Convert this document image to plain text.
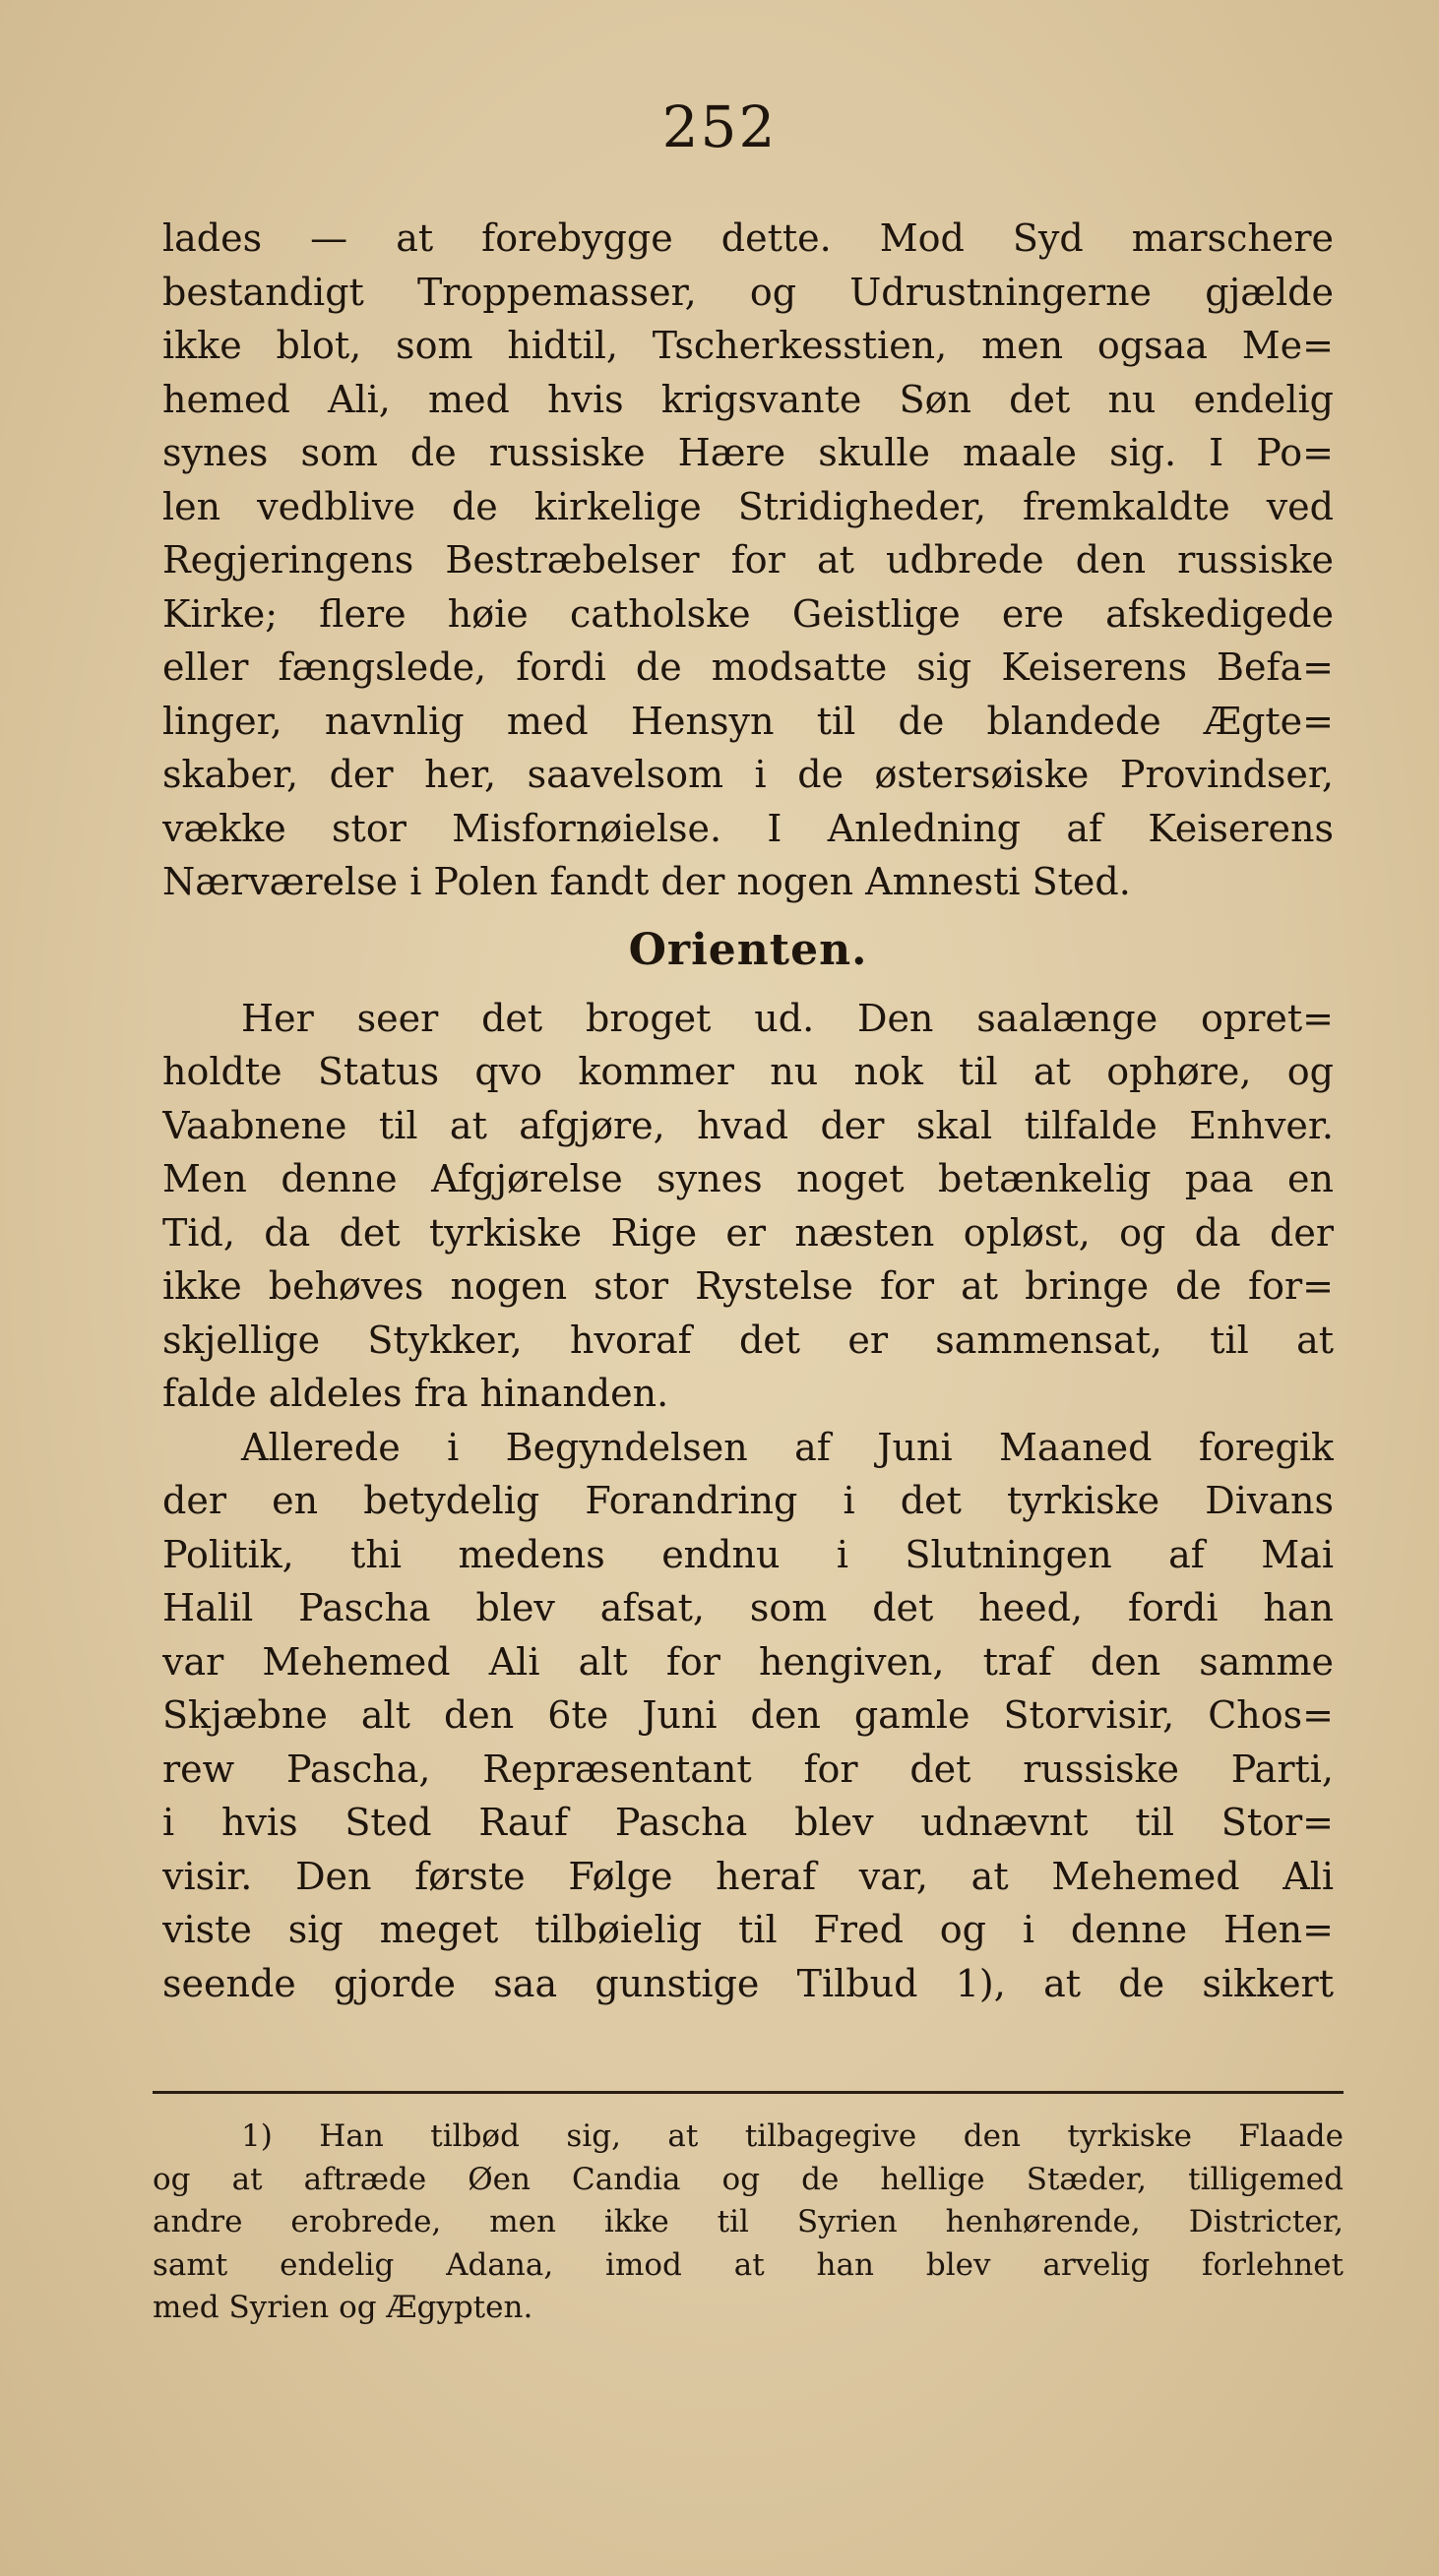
252
lades — at forebygge dette. Mod Syd marschere
bestandigt Troppemasser, og Udrustningerne gjælde
ikke blot, som hidtil, Tscherkesstien, men ogsaa Me=
hemed Ali, med hvis krigsvante Søn det nu endelig
synes som de russiske Hære skulle maale sig. I Po=
len vedblive de kirkelige Stridigheder, fremkaldte ved
Regjeringens Bestræbelser for at udbrede den russiske
Kirke; flere høie catholske Geistlige ere afskedigede
eller fængslede, fordi de modsatte sig Keiserens Befa=
linger, navnlig med Hensyn til de blandede Ægte=
skaber, der her, saavelsom i de østersøiske Provindser,
vække stor Misfornøielse. I Anledning af Keiserens
Nærværelse i Polen fandt der nogen Amnesti Sted.
Orienten.
Her seer det broget ud. Den saalænge opret=
holdte Status qvo kommer nu nok til at ophøre, og
Vaabnene til at afgjøre, hvad der skal tilfalde Enhver.
Men denne Afgjørelse synes noget betænkelig paa en
Tid, da det tyrkiske Rige er næsten opløst, og da der
ikke behøves nogen stor Rystelse for at bringe de for=
skjellige Stykker, hvoraf det er sammensat, til at
falde aldeles fra hinanden.
Allerede i Begyndelsen af Juni Maaned foregik
der en betydelig Forandring i det tyrkiske Divans
Politik, thi medens endnu i Slutningen af Mai
Halil Pascha blev afsat, som det heed, fordi han
var Mehemed Ali alt for hengiven, traf den samme
Skjæbne alt den 6te Juni den gamle Storvisir, Chos=
rew Pascha, Repræsentant for det russiske Parti,
i hvis Sted Rauf Pascha blev udnævnt til Stor=
visir. Den første Følge heraf var, at Mehemed Ali
viste sig meget tilbøielig til Fred og i denne Hen=
seende gjorde saa gunstige Tilbud 1), at de sikkert
1) Han tilbød sig, at tilbagegive den tyrkiske Flaade
og at aftræde Øen Candia og de hellige Stæder, tilligemed
andre erobrede, men ikke til Syrien henhørende, Districter,
samt endelig Adana, imod at han blev arvelig forlehnet
med Syrien og Ægypten.
